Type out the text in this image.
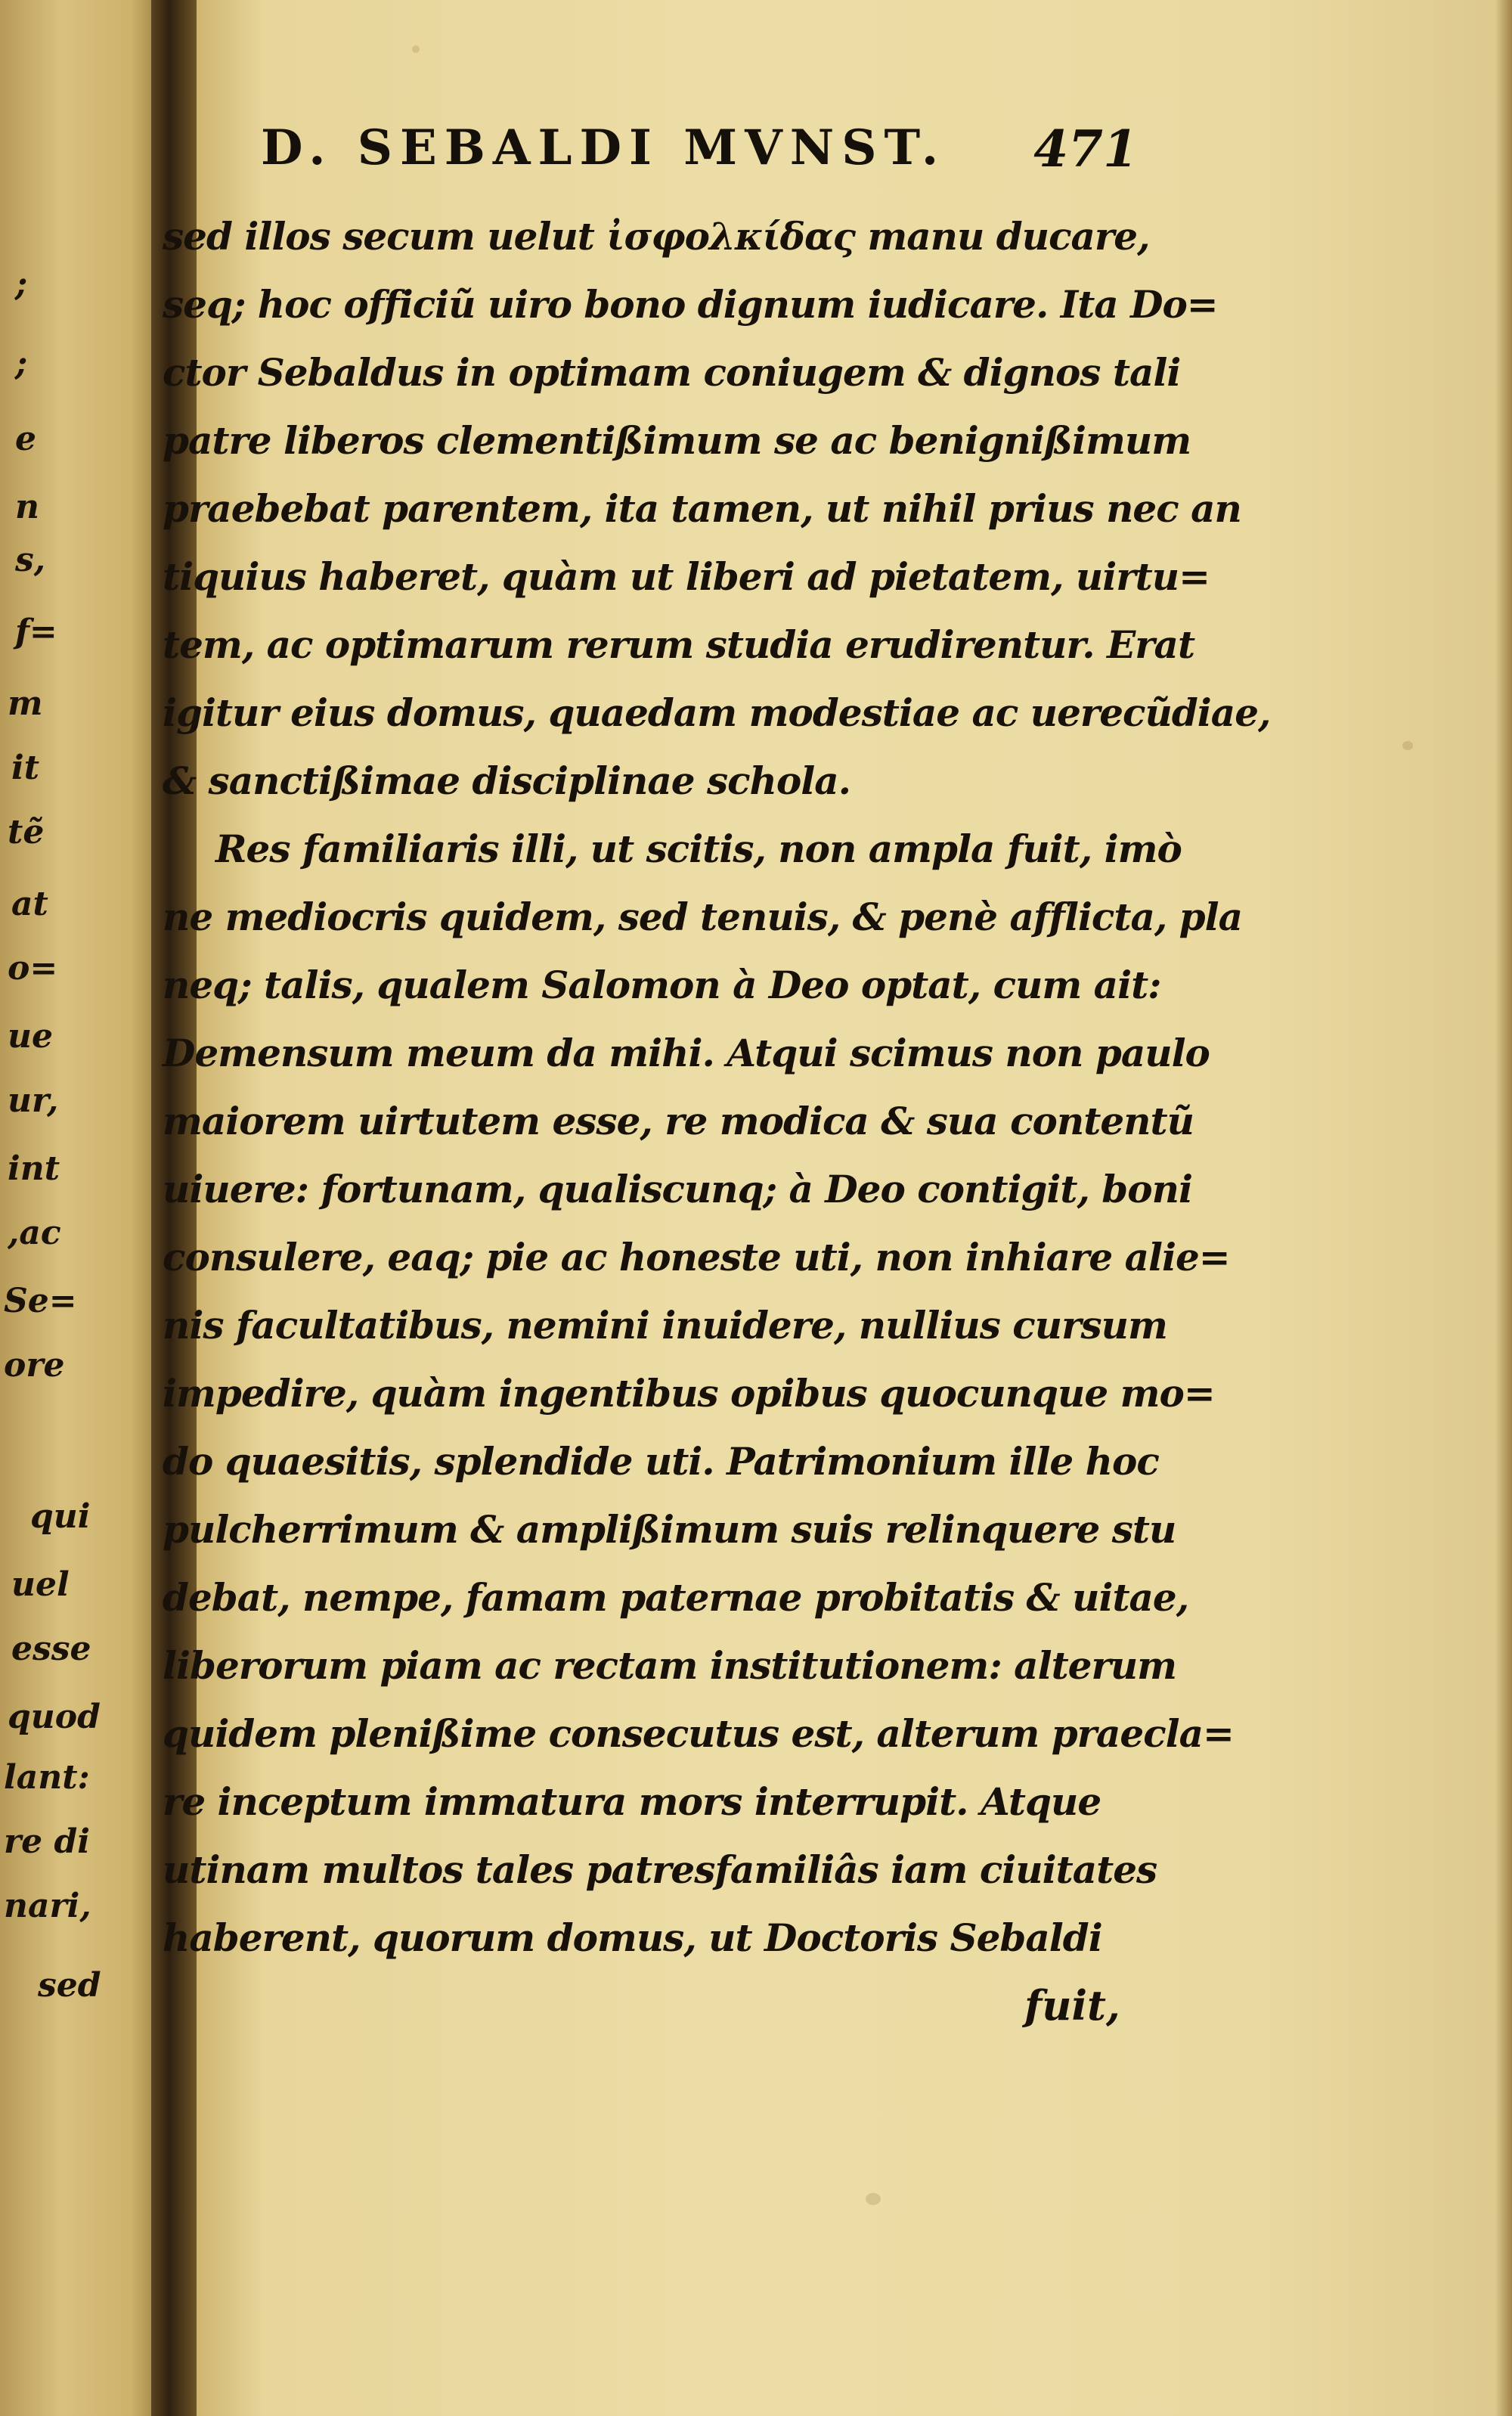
;
;
e
n
s,
f=
m
it
tẽ
at
o=
ue
ur,
int
,ac
Se=
ore
qui
uel
esse
quod
lant:
re di
nari,
sed
D. SEBALDI MVNST. 471
sed illos secum uelut ἰσφολκίδας manu ducare,
seq; hoc officiũ uiro bono dignum iudicare. Ita Do=
ctor Sebaldus in optimam coniugem & dignos tali
patre liberos clementißimum se ac benignißimum
praebebat parentem, ita tamen, ut nihil prius nec an
tiquius haberet, quàm ut liberi ad pietatem, uirtu=
tem, ac optimarum rerum studia erudirentur. Erat
igitur eius domus, quaedam modestiae ac uerecũdiae,
& sanctißimae disciplinae schola.
Res familiaris illi, ut scitis, non ampla fuit, imò
ne mediocris quidem, sed tenuis, & penè afflicta, pla
neq; talis, qualem Salomon à Deo optat, cum ait:
Demensum meum da mihi. Atqui scimus non paulo
maiorem uirtutem esse, re modica & sua contentũ
uiuere: fortunam, qualiscunq; à Deo contigit, boni
consulere, eaq; pie ac honeste uti, non inhiare alie=
nis facultatibus, nemini inuidere, nullius cursum
impedire, quàm ingentibus opibus quocunque mo=
do quaesitis, splendide uti. Patrimonium ille hoc
pulcherrimum & amplißimum suis relinquere stu
debat, nempe, famam paternae probitatis & uitae,
liberorum piam ac rectam institutionem: alterum
quidem plenißime consecutus est, alterum praecla=
re inceptum immatura mors interrupit. Atque
utinam multos tales patresfamiliâs iam ciuitates
haberent, quorum domus, ut Doctoris Sebaldi
fuit,
